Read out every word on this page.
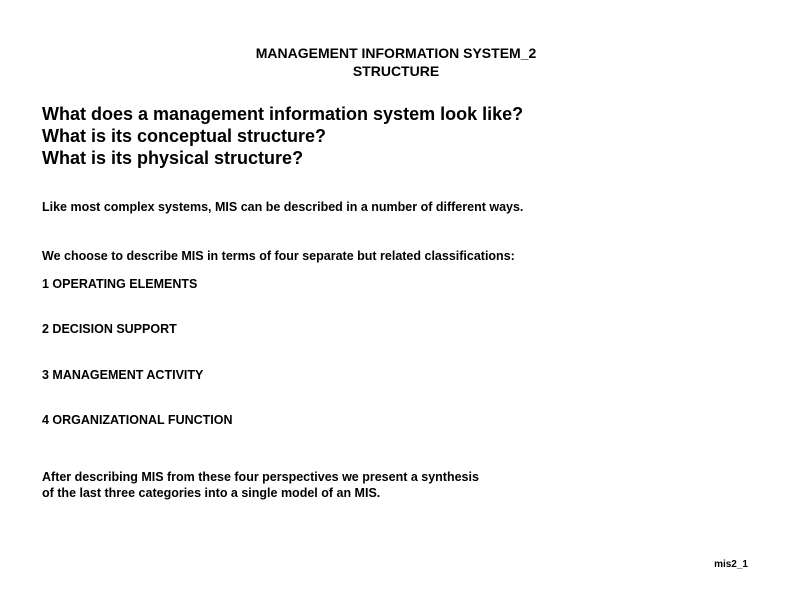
MANAGEMENT INFORMATION SYSTEM_2
STRUCTURE
What does a management information system look like?
What is its conceptual structure?
What is its physical structure?
Like most complex systems, MIS can be described in a number of different ways.
We choose to describe MIS in terms of four separate but related classifications:
1 OPERATING ELEMENTS
2 DECISION SUPPORT
3 MANAGEMENT ACTIVITY
4 ORGANIZATIONAL FUNCTION
After describing MIS from these four perspectives we present a synthesis
of the last three categories into a single model of an MIS.
mis2_1
